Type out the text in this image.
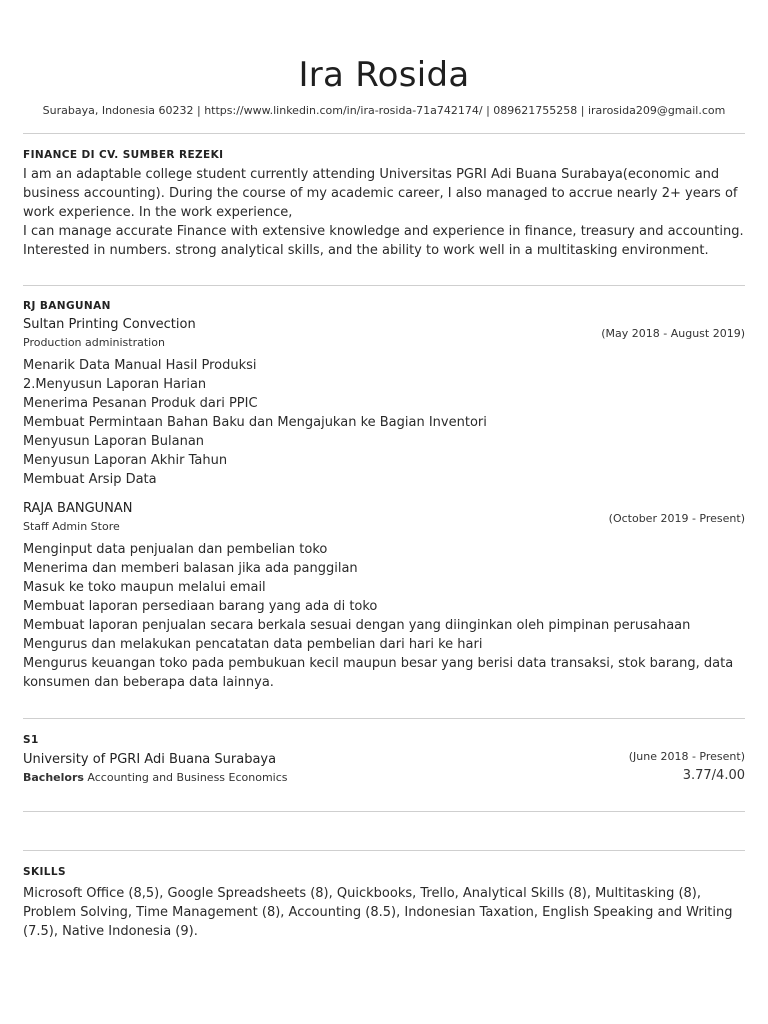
Ira Rosida
Surabaya, Indonesia 60232 | https://www.linkedin.com/in/ira-rosida-71a742174/ | 089621755258 | irarosida209@gmail.com
FINANCE DI CV. SUMBER REZEKI
I am an adaptable college student currently attending Universitas PGRI Adi Buana Surabaya(economic and
business accounting). During the course of my academic career, I also managed to accrue nearly 2+ years of
work experience. In the work experience,
I can manage accurate Finance with extensive knowledge and experience in finance, treasury and accounting.
Interested in numbers. strong analytical skills, and the ability to work well in a multitasking environment.
RJ BANGUNAN
Sultan Printing Convection
Production administration
(May 2018 - August 2019)
Menarik Data Manual Hasil Produksi
2.Menyusun Laporan Harian
Menerima Pesanan Produk dari PPIC
Membuat Permintaan Bahan Baku dan Mengajukan ke Bagian Inventori
Menyusun Laporan Bulanan
Menyusun Laporan Akhir Tahun
Membuat Arsip Data
RAJA BANGUNAN
Staff Admin Store
(October 2019 - Present)
Menginput data penjualan dan pembelian toko
Menerima dan memberi balasan jika ada panggilan
Masuk ke toko maupun melalui email
Membuat laporan persediaan barang yang ada di toko
Membuat laporan penjualan secara berkala sesuai dengan yang diinginkan oleh pimpinan perusahaan
Mengurus dan melakukan pencatatan data pembelian dari hari ke hari
Mengurus keuangan toko pada pembukuan kecil maupun besar yang berisi data transaksi, stok barang, data
konsumen dan beberapa data lainnya.
S1
University of PGRI Adi Buana Surabaya
Bachelors Accounting and Business Economics
(June 2018 - Present)
3.77/4.00
SKILLS
Microsoft Office (8,5), Google Spreadsheets (8), Quickbooks, Trello, Analytical Skills (8), Multitasking (8),
Problem Solving, Time Management (8), Accounting (8.5), Indonesian Taxation, English Speaking and Writing
(7.5), Native Indonesia (9).
